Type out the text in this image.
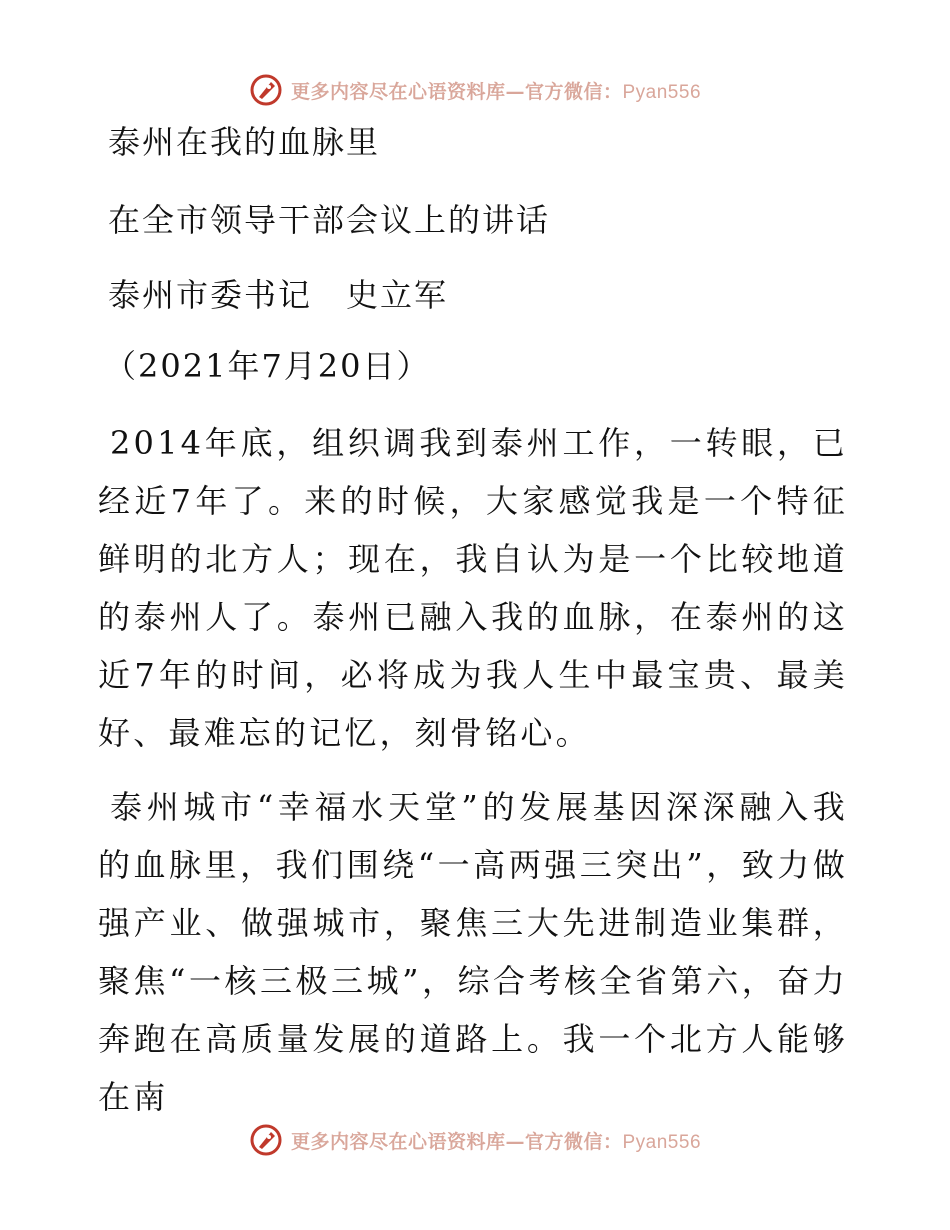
更多内容尽在心语资料库—官方微信：Pyan556
泰州在我的血脉里
在全市领导干部会议上的讲话
泰州市委书记　史立军
（2021年7月20日）
2014年底，组织调我到泰州工作，一转眼，已经近7年了。来的时候，大家感觉我是一个特征鲜明的北方人；现在，我自认为是一个比较地道的泰州人了。泰州已融入我的血脉，在泰州的这近7年的时间，必将成为我人生中最宝贵、最美好、最难忘的记忆，刻骨铭心。
泰州城市“幸福水天堂”的发展基因深深融入我的血脉里，我们围绕“一高两强三突出”，致力做强产业、做强城市，聚焦三大先进制造业集群，聚焦“一核三极三城”，综合考核全省第六，奋力奔跑在高质量发展的道路上。我一个北方人能够在南
更多内容尽在心语资料库—官方微信：Pyan556
